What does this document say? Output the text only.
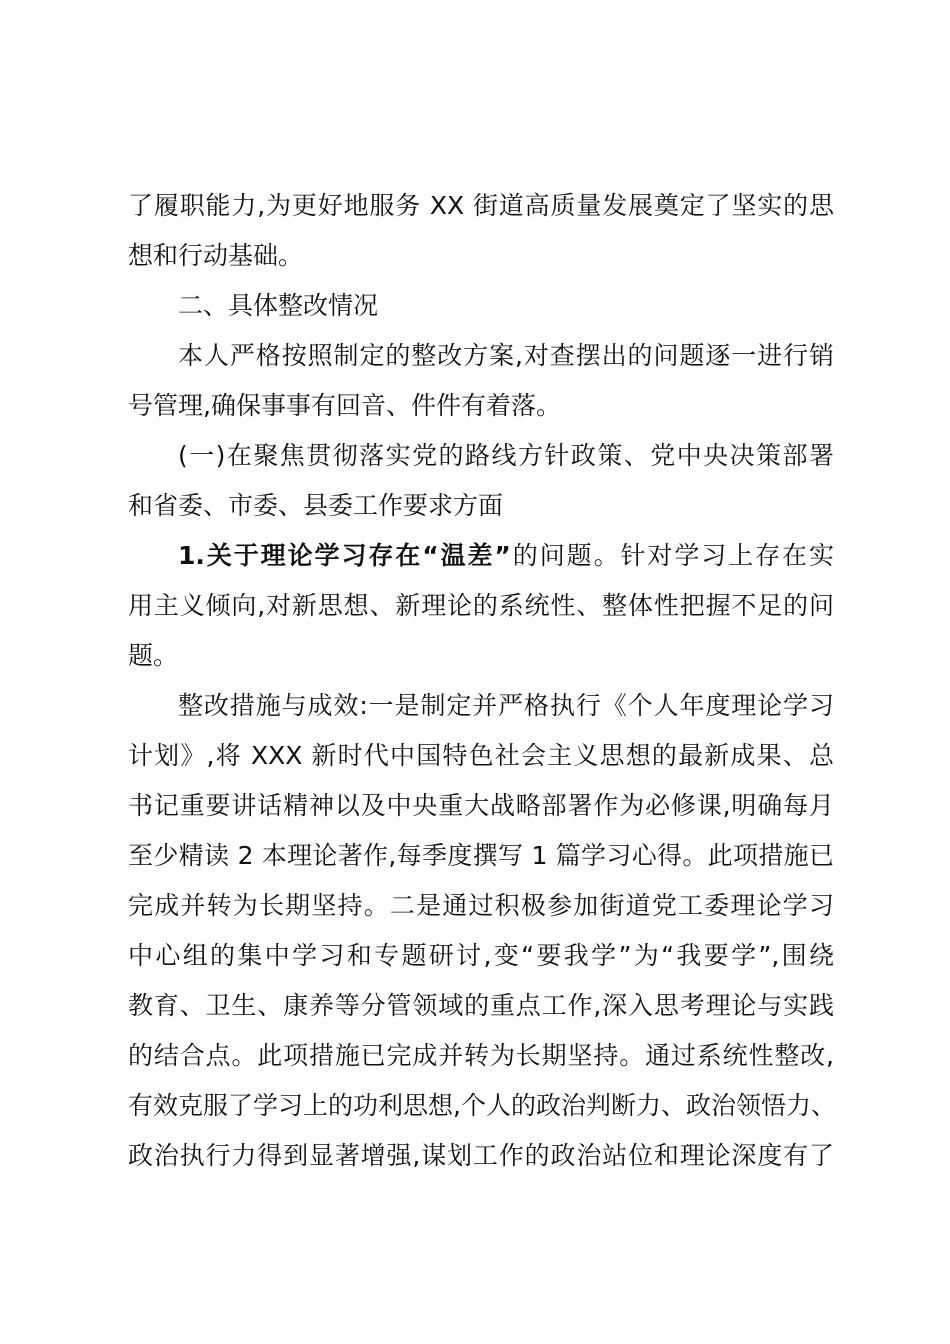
了履职能力,为更好地服务 XX 街道高质量发展奠定了坚实的思
想和行动基础。
二、具体整改情况
本人严格按照制定的整改方案,对查摆出的问题逐一进行销
号管理,确保事事有回音、件件有着落。
(一)在聚焦贯彻落实党的路线方针政策、党中央决策部署
和省委、市委、县委工作要求方面
1.关于理论学习存在“温差”的问题。针对学习上存在实
用主义倾向,对新思想、新理论的系统性、整体性把握不足的问
题。
整改措施与成效:一是制定并严格执行《个人年度理论学习
计划》,将 XXX 新时代中国特色社会主义思想的最新成果、总
书记重要讲话精神以及中央重大战略部署作为必修课,明确每月
至少精读 2 本理论著作,每季度撰写 1 篇学习心得。此项措施已
完成并转为长期坚持。二是通过积极参加街道党工委理论学习
中心组的集中学习和专题研讨,变“要我学”为“我要学”,围绕
教育、卫生、康养等分管领域的重点工作,深入思考理论与实践
的结合点。此项措施已完成并转为长期坚持。通过系统性整改,
有效克服了学习上的功利思想,个人的政治判断力、政治领悟力、
政治执行力得到显著增强,谋划工作的政治站位和理论深度有了
